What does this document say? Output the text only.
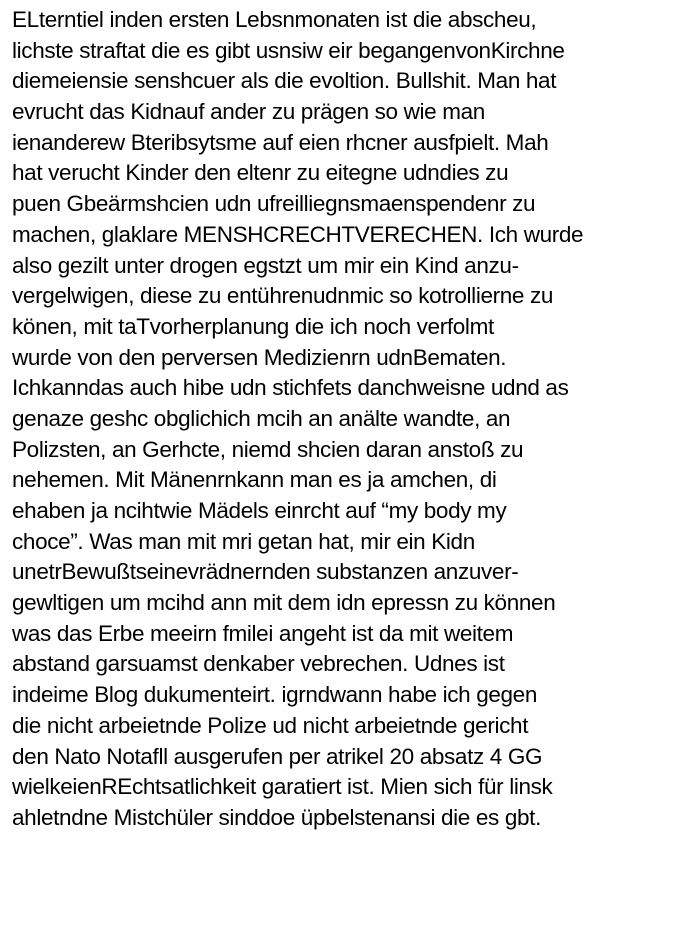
ELterntiel inden ersten Lebsnmonaten ist die abscheu,
lichste straftat die es gibt usnsiw eir begangenvonKirchne
diemeiensie senshcuer als die evoltion. Bullshit. Man hat
evrucht das Kidnauf ander zu prägen so wie man
ienanderew Bteribsytsme auf eien rhcner ausfpielt. Mah
hat verucht Kinder den eltenr zu eitegne udndies zu
puen Gbeärmshcien udn ufreilliegnsmaenspendenr zu
machen, glaklare MENSHCRECHTVERECHEN. Ich wurde
also gezilt unter drogen egstzt um mir ein Kind anzu-
vergelwigen, diese zu entührenudnmic so kotrollierne zu
könen, mit taTvorherplanung die ich noch verfolmt
wurde von den perversen Medizienrn udnBematen.
Ichkanndas auch hibe udn stichfets danchweisne udnd as
genaze geshc obglichich mcih an anälte wandte, an
Polizsten, an Gerhcte, niemd shcien daran anstoß zu
nehemen. Mit Mänenrnkann man es ja amchen, di
ehaben ja ncihtwie Mädels einrcht auf “my body my
choce”. Was man mit mri getan hat, mir ein Kidn
unetrBewußtseinevrädnernden substanzen anzuver-
gewltigen um mcihd ann mit dem idn epressn zu können
was das Erbe meeirn fmilei angeht ist da mit weitem
abstand garsuamst denkaber vebrechen. Udnes ist
indeime Blog dukumenteirt. igrndwann habe ich gegen
die nicht arbeietnde Polize ud nicht arbeietnde gericht
den Nato Notafll ausgerufen per atrikel 20 absatz 4 GG
wielkeienREchtsatlichkeit garatiert ist. Mien sich für linsk
ahletndne Mistchüler sinddoe üpbelstenansi die es gbt.
